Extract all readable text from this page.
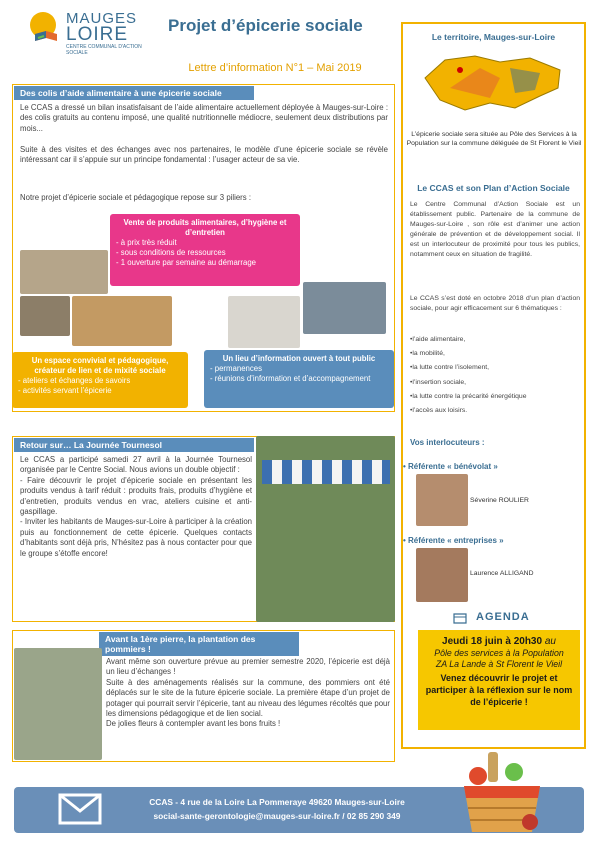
MAUGES
LOIRE
CENTRE COMMUNAL D'ACTION SOCIALE
Projet d’épicerie sociale
Lettre d’information N°1 – Mai 2019
Des colis d’aide alimentaire à une épicerie sociale
Le CCAS a dressé un bilan insatisfaisant de l’aide alimentaire actuellement déployée à Mauges-sur-Loire : des colis gratuits au contenu imposé, une qualité nutritionnelle médiocre, seulement deux distributions par mois...
Suite à des visites et des échanges avec nos partenaires, le modèle d’une épicerie sociale se révèle intéressant car il s’appuie sur un principe fondamental : l’usager acteur de sa vie.
Notre projet d’épicerie sociale et pédagogique repose sur 3 piliers :
Vente de produits alimentaires, d’hygiène et d’entretien
- à prix très réduit
- sous conditions de ressources
- 1 ouverture par semaine au démarrage
Un espace convivial et pédagogique, créateur de lien et de mixité sociale
- ateliers et échanges de savoirs
- activités servant l’épicerie
Un lieu d’information ouvert à tout public
- permanences
- réunions d’information et d’accompagnement
Retour sur… La Journée Tournesol
Le CCAS a participé samedi 27 avril à la Journée Tournesol organisée par le Centre Social. Nous avions un double objectif :
- Faire découvrir le projet d’épicerie sociale en présentant les produits vendus à tarif réduit : produits frais, produits d’hygiène et d’entretien, produits vendus en vrac, ateliers cuisine et anti-gaspillage.
- Inviter les habitants de Mauges-sur-Loire à participer à la création puis au fonctionnement de cette épicerie. Quelques contacts d’habitants sont déjà pris, N’hésitez pas à nous contacter pour que le groupe s’étoffe encore!
Avant la 1ère pierre, la plantation des pommiers !
Avant même son ouverture prévue au premier semestre 2020, l’épicerie est déjà un lieu d’échanges !
Suite à des aménagements réalisés sur la commune, des pommiers ont été déplacés sur le site de la future épicerie sociale. La première étape d’un projet de potager qui pourrait servir l’épicerie, tant au niveau des légumes récoltés que pour les dimensions pédagogique et de lien social.
De jolies fleurs à contempler avant les bons fruits !
Le territoire, Mauges-sur-Loire
L’épicerie sociale sera située au Pôle des Services à la Population sur la commune déléguée de St Florent le Vieil
Le CCAS et son Plan d’Action Sociale
Le Centre Communal d’Action Sociale est un établissement public. Partenaire de la commune de Mauges-sur-Loire , son rôle est d’animer une action générale de prévention et de développement social. Il est un interlocuteur de proximité pour tous les publics, notamment ceux en situation de fragilité.
Le CCAS s’est doté en octobre 2018 d’un plan d’action sociale, pour agir efficacement sur 6 thématiques :
•l’aide alimentaire,
•la mobilité,
•la lutte contre l’isolement,
•l’insertion sociale,
•la lutte contre la précarité énergétique
•l’accès aux loisirs.
Vos interlocuteurs :
• Référente « bénévolat »
Séverine ROULIER
• Référente « entreprises »
Laurence ALLIGAND
AGENDA
Jeudi 18 juin à 20h30 au
Pôle des services à la Population
ZA La Lande à St Florent le Vieil
Venez découvrir le projet et participer à la réflexion sur le nom de l’épicerie !
CCAS - 4 rue de la Loire La Pommeraye 49620 Mauges-sur-Loire
social-sante-gerontologie@mauges-sur-loire.fr / 02 85 290 349
